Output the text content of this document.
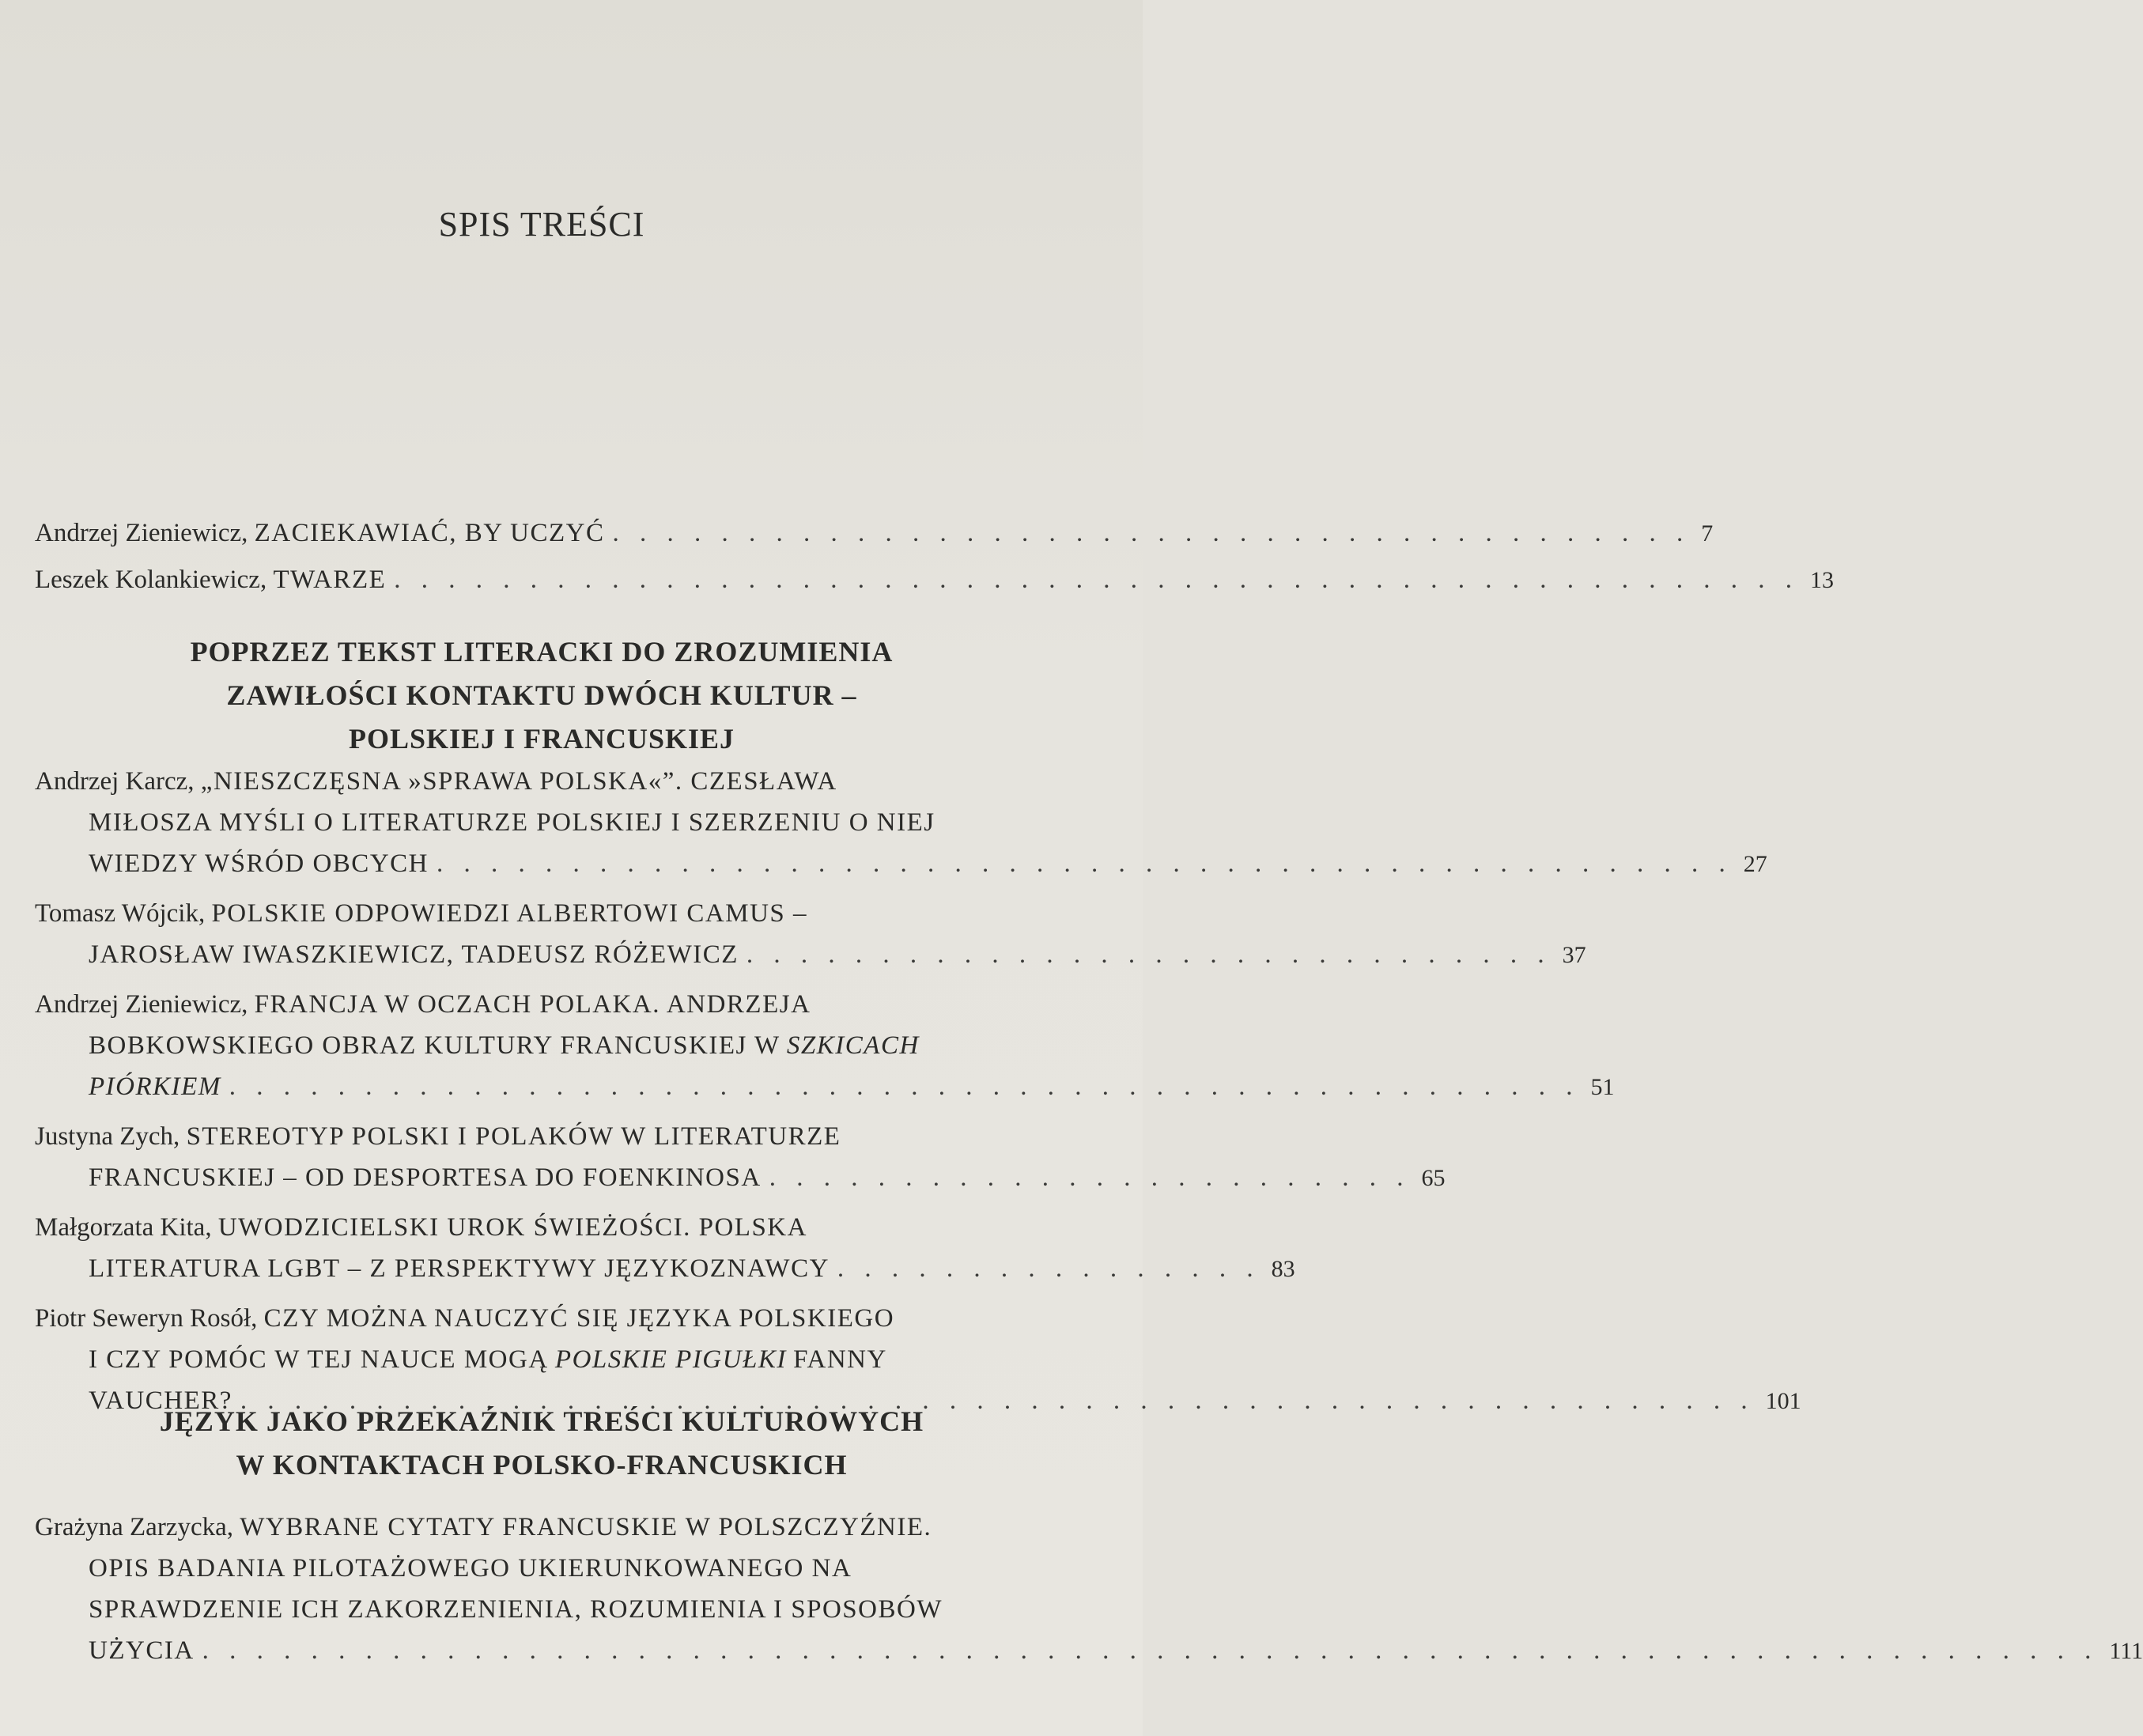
SPIS TREŚCI
Andrzej Zieniewicz, ZACIEKAWIAĆ, BY UCZYĆ . . . . . . . . . . . . . . . . . . . . . . . . . . . . . . . . . . . . . . . . 7
Leszek Kolankiewicz, TWARZE . . . . . . . . . . . . . . . . . . . . . . . . . . . . . . . . . . . . . . . . . . . . . . . . . . . . 13
POPRZEZ TEKST LITERACKI DO ZROZUMIENIA
ZAWIŁOŚCI KONTAKTU DWÓCH KULTUR –
POLSKIEJ I FRANCUSKIEJ
Andrzej Karcz, „NIESZCZĘSNA »SPRAWA POLSKA«”. CZESŁAWA
MIŁOSZA MYŚLI O LITERATURZE POLSKIEJ I SZERZENIU O NIEJ
WIEDZY WŚRÓD OBCYCH . . . . . . . . . . . . . . . . . . . . . . . . . . . . . . . . . . . . . . . . . . . . . . . . 27
Tomasz Wójcik, POLSKIE ODPOWIEDZI ALBERTOWI CAMUS –
JAROSŁAW IWASZKIEWICZ, TADEUSZ RÓŻEWICZ . . . . . . . . . . . . . . . . . . . . . . . . . . . . . . 37
Andrzej Zieniewicz, FRANCJA W OCZACH POLAKA. ANDRZEJA
BOBKOWSKIEGO OBRAZ KULTURY FRANCUSKIEJ W SZKICACH
PIÓRKIEM . . . . . . . . . . . . . . . . . . . . . . . . . . . . . . . . . . . . . . . . . . . . . . . . . . 51
Justyna Zych, STEREOTYP POLSKI I POLAKÓW W LITERATURZE
FRANCUSKIEJ – OD DESPORTESA DO FOENKINOSA . . . . . . . . . . . . . . . . . . . . . . . . 65
Małgorzata Kita, UWODZICIELSKI UROK ŚWIEŻOŚCI. POLSKA
LITERATURA LGBT – Z PERSPEKTYWY JĘZYKOZNAWCY . . . . . . . . . . . . . . . . 83
Piotr Seweryn Rosół, CZY MOŻNA NAUCZYĆ SIĘ JĘZYKA POLSKIEGO
I CZY POMÓC W TEJ NAUCE MOGĄ POLSKIE PIGUŁKI FANNY
VAUCHER? . . . . . . . . . . . . . . . . . . . . . . . . . . . . . . . . . . . . . . . . . . . . . . . . . . . . . . . . 101
JĘZYK JAKO PRZEKAŹNIK TREŚCI KULTUROWYCH
W KONTAKTACH POLSKO-FRANCUSKICH
Grażyna Zarzycka, WYBRANE CYTATY FRANCUSKIE W POLSZCZYŹNIE.
OPIS BADANIA PILOTAŻOWEGO UKIERUNKOWANEGO NA
SPRAWDZENIE ICH ZAKORZENIENIA, ROZUMIENIA I SPOSOBÓW
UŻYCIA . . . . . . . . . . . . . . . . . . . . . . . . . . . . . . . . . . . . . . . . . . . . . . . . . . . . . . . . . . . . . . . . . . . . . . 111
